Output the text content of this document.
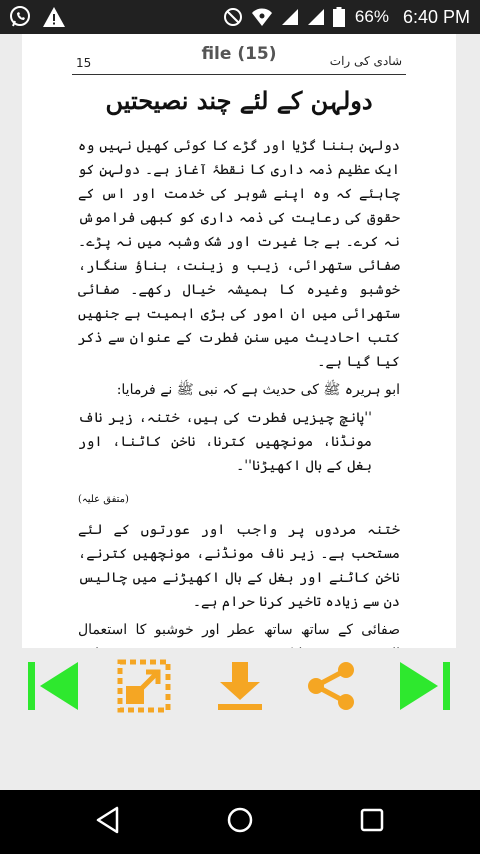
66% 6:40 PM
15	file (15)	شادی کی رات
دولہن کے لئے چند نصیحتیں

دولہن بننا گڑیا اور گڑے کا کوئی کھیل نہیں وہ ایک عظیم ذمہ داری کا نقطۂ آغاز ہے۔ دولہن کو چاہئے کہ وہ اپنے شوہر کی خدمت اور اس کے حقوق کی رعایت کی ذمہ داری کو کبھی فراموش نہ کرے۔ بے جا غیرت اور شک وشبہ میں نہ پڑے۔ صفائی ستھرائی، زیب و زینت، بناؤ سنگار، خوشبو وغیرہ کا ہمیشہ خیال رکھے۔ صفائی ستھرائی میں ان امور کی بڑی اہمیت ہے جنھیں کتب احادیث میں سنن فطرت کے عنوان سے ذکر کیا گیا ہے۔

ابو ہریرہ ﷺ کی حدیث ہے کہ نبی ﷺ نے فرمایا:

''پانچ چیزیں فطرت کی ہیں، ختنہ، زیر ناف مونڈنا، مونچھیں کترنا، ناخن کاٹنا، اور بغل کے بال اکھیڑنا''۔

(متفق علیہ)

ختنہ مردوں پر واجب اور عورتوں کے لئے مستحب ہے۔ زیر ناف مونڈنے، مونچھیں کترنے، ناخن کاٹنے اور بغل کے بال اکھیڑنے میں چالیس دن سے زیادہ تاخیر کرنا حرام ہے۔

صفائی کے ساتھ ساتھ عطر اور خوشبو کا استعمال
